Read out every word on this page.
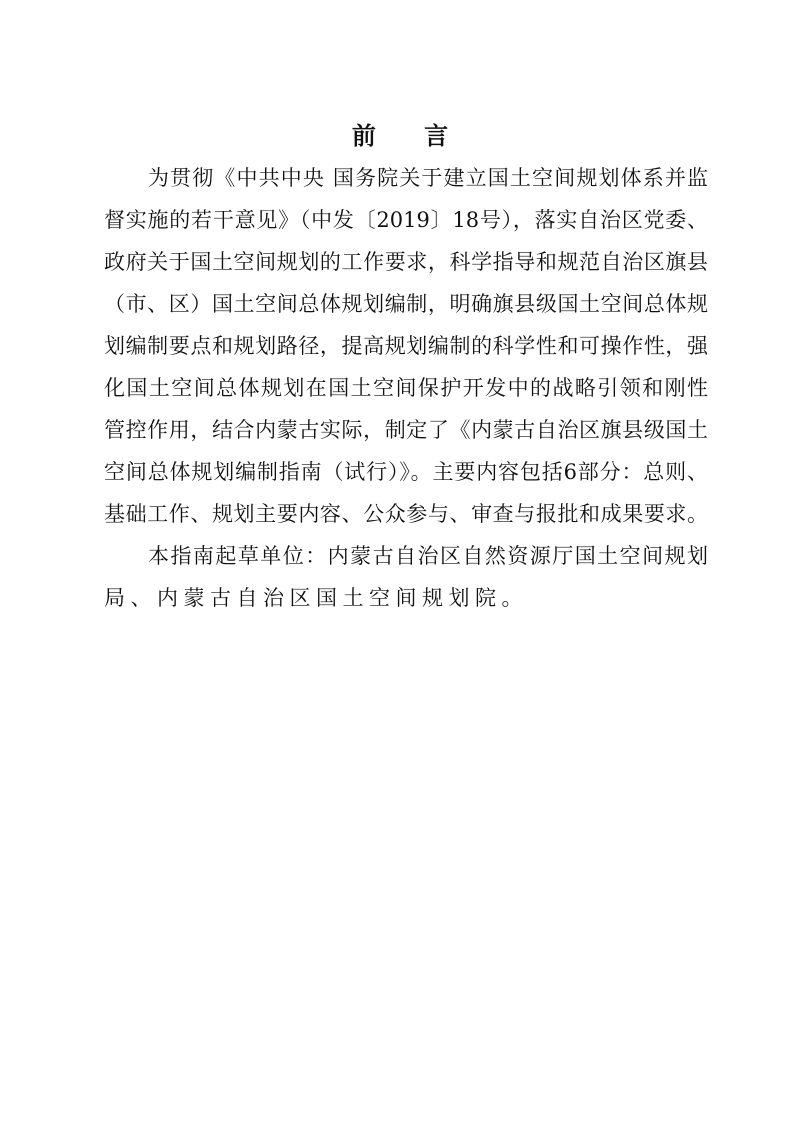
前 言
为贯彻《中共中央 国务院关于建立国土空间规划体系并监
督实施的若干意见》（中发〔2019〕18号），落实自治区党委、
政府关于国土空间规划的工作要求，科学指导和规范自治区旗县
（市、区）国土空间总体规划编制，明确旗县级国土空间总体规
划编制要点和规划路径，提高规划编制的科学性和可操作性，强
化国土空间总体规划在国土空间保护开发中的战略引领和刚性
管控作用，结合内蒙古实际，制定了《内蒙古自治区旗县级国土
空间总体规划编制指南（试行）》。主要内容包括6部分：总则、
基础工作、规划主要内容、公众参与、审查与报批和成果要求。
本指南起草单位：内蒙古自治区自然资源厅国土空间规划
局、内蒙古自治区国土空间规划院。
